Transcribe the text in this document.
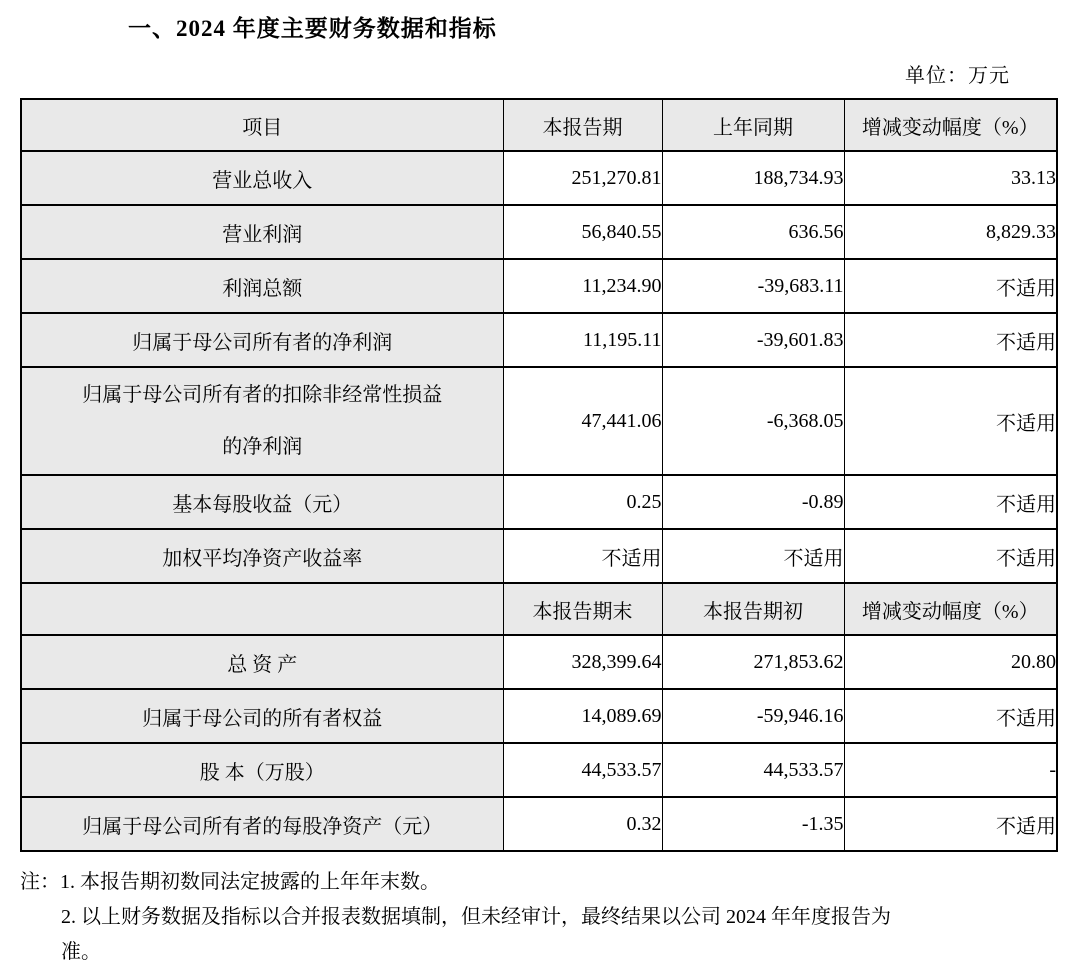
一、2024 年度主要财务数据和指标
单位：万元
项目	本报告期	上年同期	增减变动幅度（%）
营业总收入	251,270.81	188,734.93	33.13
营业利润	56,840.55	636.56	8,829.33
利润总额	11,234.90	-39,683.11	不适用
归属于母公司所有者的净利润	11,195.11	-39,601.83	不适用

归属于母公司所有者的扣除非经常性损益
的净利润	47,441.06	-6,368.05	不适用
基本每股收益（元）	0.25	-0.89	不适用
加权平均净资产收益率	不适用	不适用	不适用
	本报告期末	本报告期初	增减变动幅度（%）
总 资 产	328,399.64	271,853.62	20.80
归属于母公司的所有者权益	14,089.69	-59,946.16	不适用
股 本（万股）	44,533.57	44,533.57	-
归属于母公司所有者的每股净资产（元）	0.32	-1.35	不适用
注：1. 本报告期初数同法定披露的上年年末数。
2. 以上财务数据及指标以合并报表数据填制，但未经审计，最终结果以公司 2024 年年度报告为
准。
